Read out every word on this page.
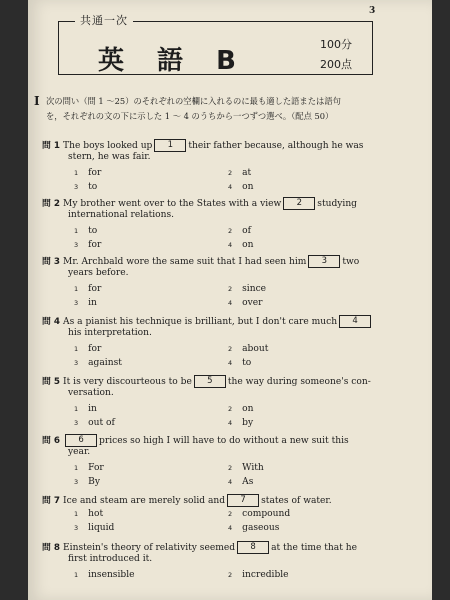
3
共通一次
英 語 B
100分
200点
I 次の問い（問 1 ～25）のそれぞれの空欄に入れるのに最も適した語または語句
を，それぞれの文の下に示した 1 ～ 4 のうちから一つずつ選べ。（配点 50）
問 1 The boys looked up 1 their father because, although he was
stern, he was fair.
1 for	2 at
3 to	4 on
問 2 My brother went over to the States with a view 2 studying
international relations.
1 to	2 of
3 for	4 on
問 3 Mr. Archbald wore the same suit that I had seen him 3 two
years before.
1 for	2 since
3 in	4 over
問 4 As a pianist his technique is brilliant, but I don't care much 4
his interpretation.
1 for	2 about
3 against	4 to
問 5 It is very discourteous to be 5 the way during someone's con-
versation.
1 in	2 on
3 out of	4 by
問 6 6 prices so high I will have to do without a new suit this
year.
1 For	2 With
3 By	4 As
問 7 Ice and steam are merely solid and 7 states of water.
1 hot	2 compound
3 liquid	4 gaseous
問 8 Einstein's theory of relativity seemed 8 at the time that he
first introduced it.
1 insensible	2 incredible
